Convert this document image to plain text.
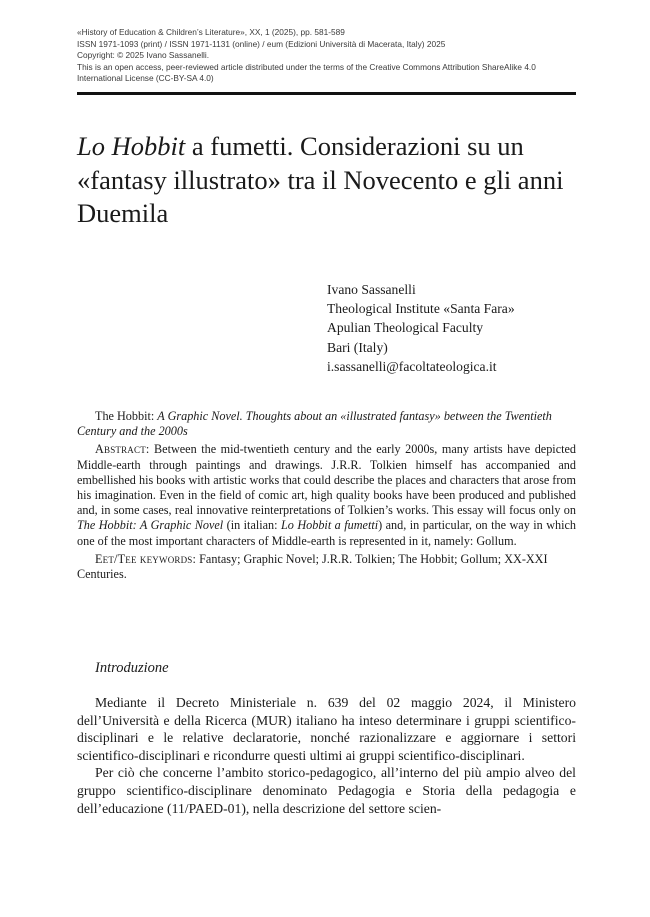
«History of Education & Children’s Literature», XX, 1 (2025), pp. 581-589
ISSN 1971-1093 (print) / ISSN 1971-1131 (online) / eum (Edizioni Università di Macerata, Italy) 2025
Copyright: © 2025 Ivano Sassanelli.
This is an open access, peer-reviewed article distributed under the terms of the Creative Commons Attribution ShareAlike 4.0
International License (CC-BY-SA 4.0)
Lo Hobbit a fumetti. Considerazioni su un «fantasy illustrato» tra il Novecento e gli anni Duemila
Ivano Sassanelli
Theological Institute «Santa Fara»
Apulian Theological Faculty
Bari (Italy)
i.sassanelli@facoltateologica.it

The Hobbit: A Graphic Novel. Thoughts about an «illustrated fantasy» between the Twentieth Century and the 2000s

Abstract: Between the mid-twentieth century and the early 2000s, many artists have depicted Middle-earth through paintings and drawings. J.R.R. Tolkien himself has accompanied and embellished his books with artistic works that could describe the places and characters that arose from his imagination. Even in the field of comic art, high quality books have been produced and published and, in some cases, real innovative reinterpretations of Tolkien’s works. This essay will focus only on The Hobbit: A Graphic Novel (in italian: Lo Hobbit a fumetti) and, in particular, on the way in which one of the most important characters of Middle-earth is represented in it, namely: Gollum.

Eet/Tee keywords: Fantasy; Graphic Novel; J.R.R. Tolkien; The Hobbit; Gollum; XX-XXI Centuries.

Introduzione

Mediante il Decreto Ministeriale n. 639 del 02 maggio 2024, il Ministero dell’Università e della Ricerca (MUR) italiano ha inteso determinare i gruppi scientifico-disciplinari e le relative declaratorie, nonché razionalizzare e aggiornare i settori scientifico-disciplinari e ricondurre questi ultimi ai gruppi scientifico-disciplinari.

Per ciò che concerne l’ambito storico-pedagogico, all’interno del più ampio alveo del gruppo scientifico-disciplinare denominato Pedagogia e Storia della pedagogia e dell’educazione (11/PAED-01), nella descrizione del settore scien-
